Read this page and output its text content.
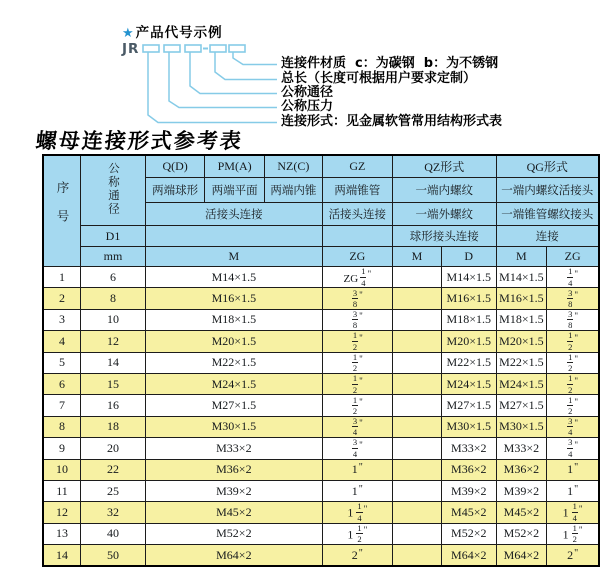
★产品代号示例
JR
连接件材质  c：为碳钢  b：为不锈钢
总长（长度可根据用户要求定制）
公称通径
公称压力
连接形式：见金属软管常用结构形式表
螺母连接形式参考表
序号	公称通径	Q(D)	PM(A)	NZ(C)	GZ	QZ形式		QG形式	
		两端球形	两端平面	两端内锥	两端锥管	一端内螺纹		一端内螺纹活接头	
		活接头连接			活接头连接	一端外螺纹		一端锥管螺纹接头	
	D1					球形接头连接		连接	
	mm	M			ZG	M	D	M	ZG
1	6	M14×1.5			ZG $\frac{1}{4} ^"$		M14×1.5	M14×1.5	$\frac{1}{4} ^"$
2	8	M16×1.5			$\frac{3}{8} ^"$		M16×1.5	M16×1.5	$\frac{3}{8} ^"$
3	10	M18×1.5			$\frac{3}{8} ^"$		M18×1.5	M18×1.5	$\frac{3}{8} ^"$
4	12	M20×1.5			$\frac{1}{2} ^"$		M20×1.5	M20×1.5	$\frac{1}{2} ^"$
5	14	M22×1.5			$\frac{1}{2} ^"$		M22×1.5	M22×1.5	$\frac{1}{2} ^"$
6	15	M24×1.5			$\frac{1}{2} ^"$		M24×1.5	M24×1.5	$\frac{1}{2} ^"$
7	16	M27×1.5			$\frac{1}{2} ^"$		M27×1.5	M27×1.5	$\frac{1}{2} ^"$
8	18	M30×1.5			$\frac{3}{4} ^"$		M30×1.5	M30×1.5	$\frac{3}{4} ^"$
9	20	M33×2			$\frac{3}{4} ^"$		M33×2	M33×2	$\frac{3}{4} ^"$
10	22	M36×2			1"		M36×2	M36×2	1"
11	25	M39×2			1"		M39×2	M39×2	1"
12	32	M45×2			$1 \frac{1}{4} ^"$		M45×2	M45×2	$1 \frac{1}{4} ^"$
13	40	M52×2			$1 \frac{1}{2} ^"$		M52×2	M52×2	$1 \frac{1}{2} ^"$
14	50	M64×2			2"		M64×2	M64×2	2"
